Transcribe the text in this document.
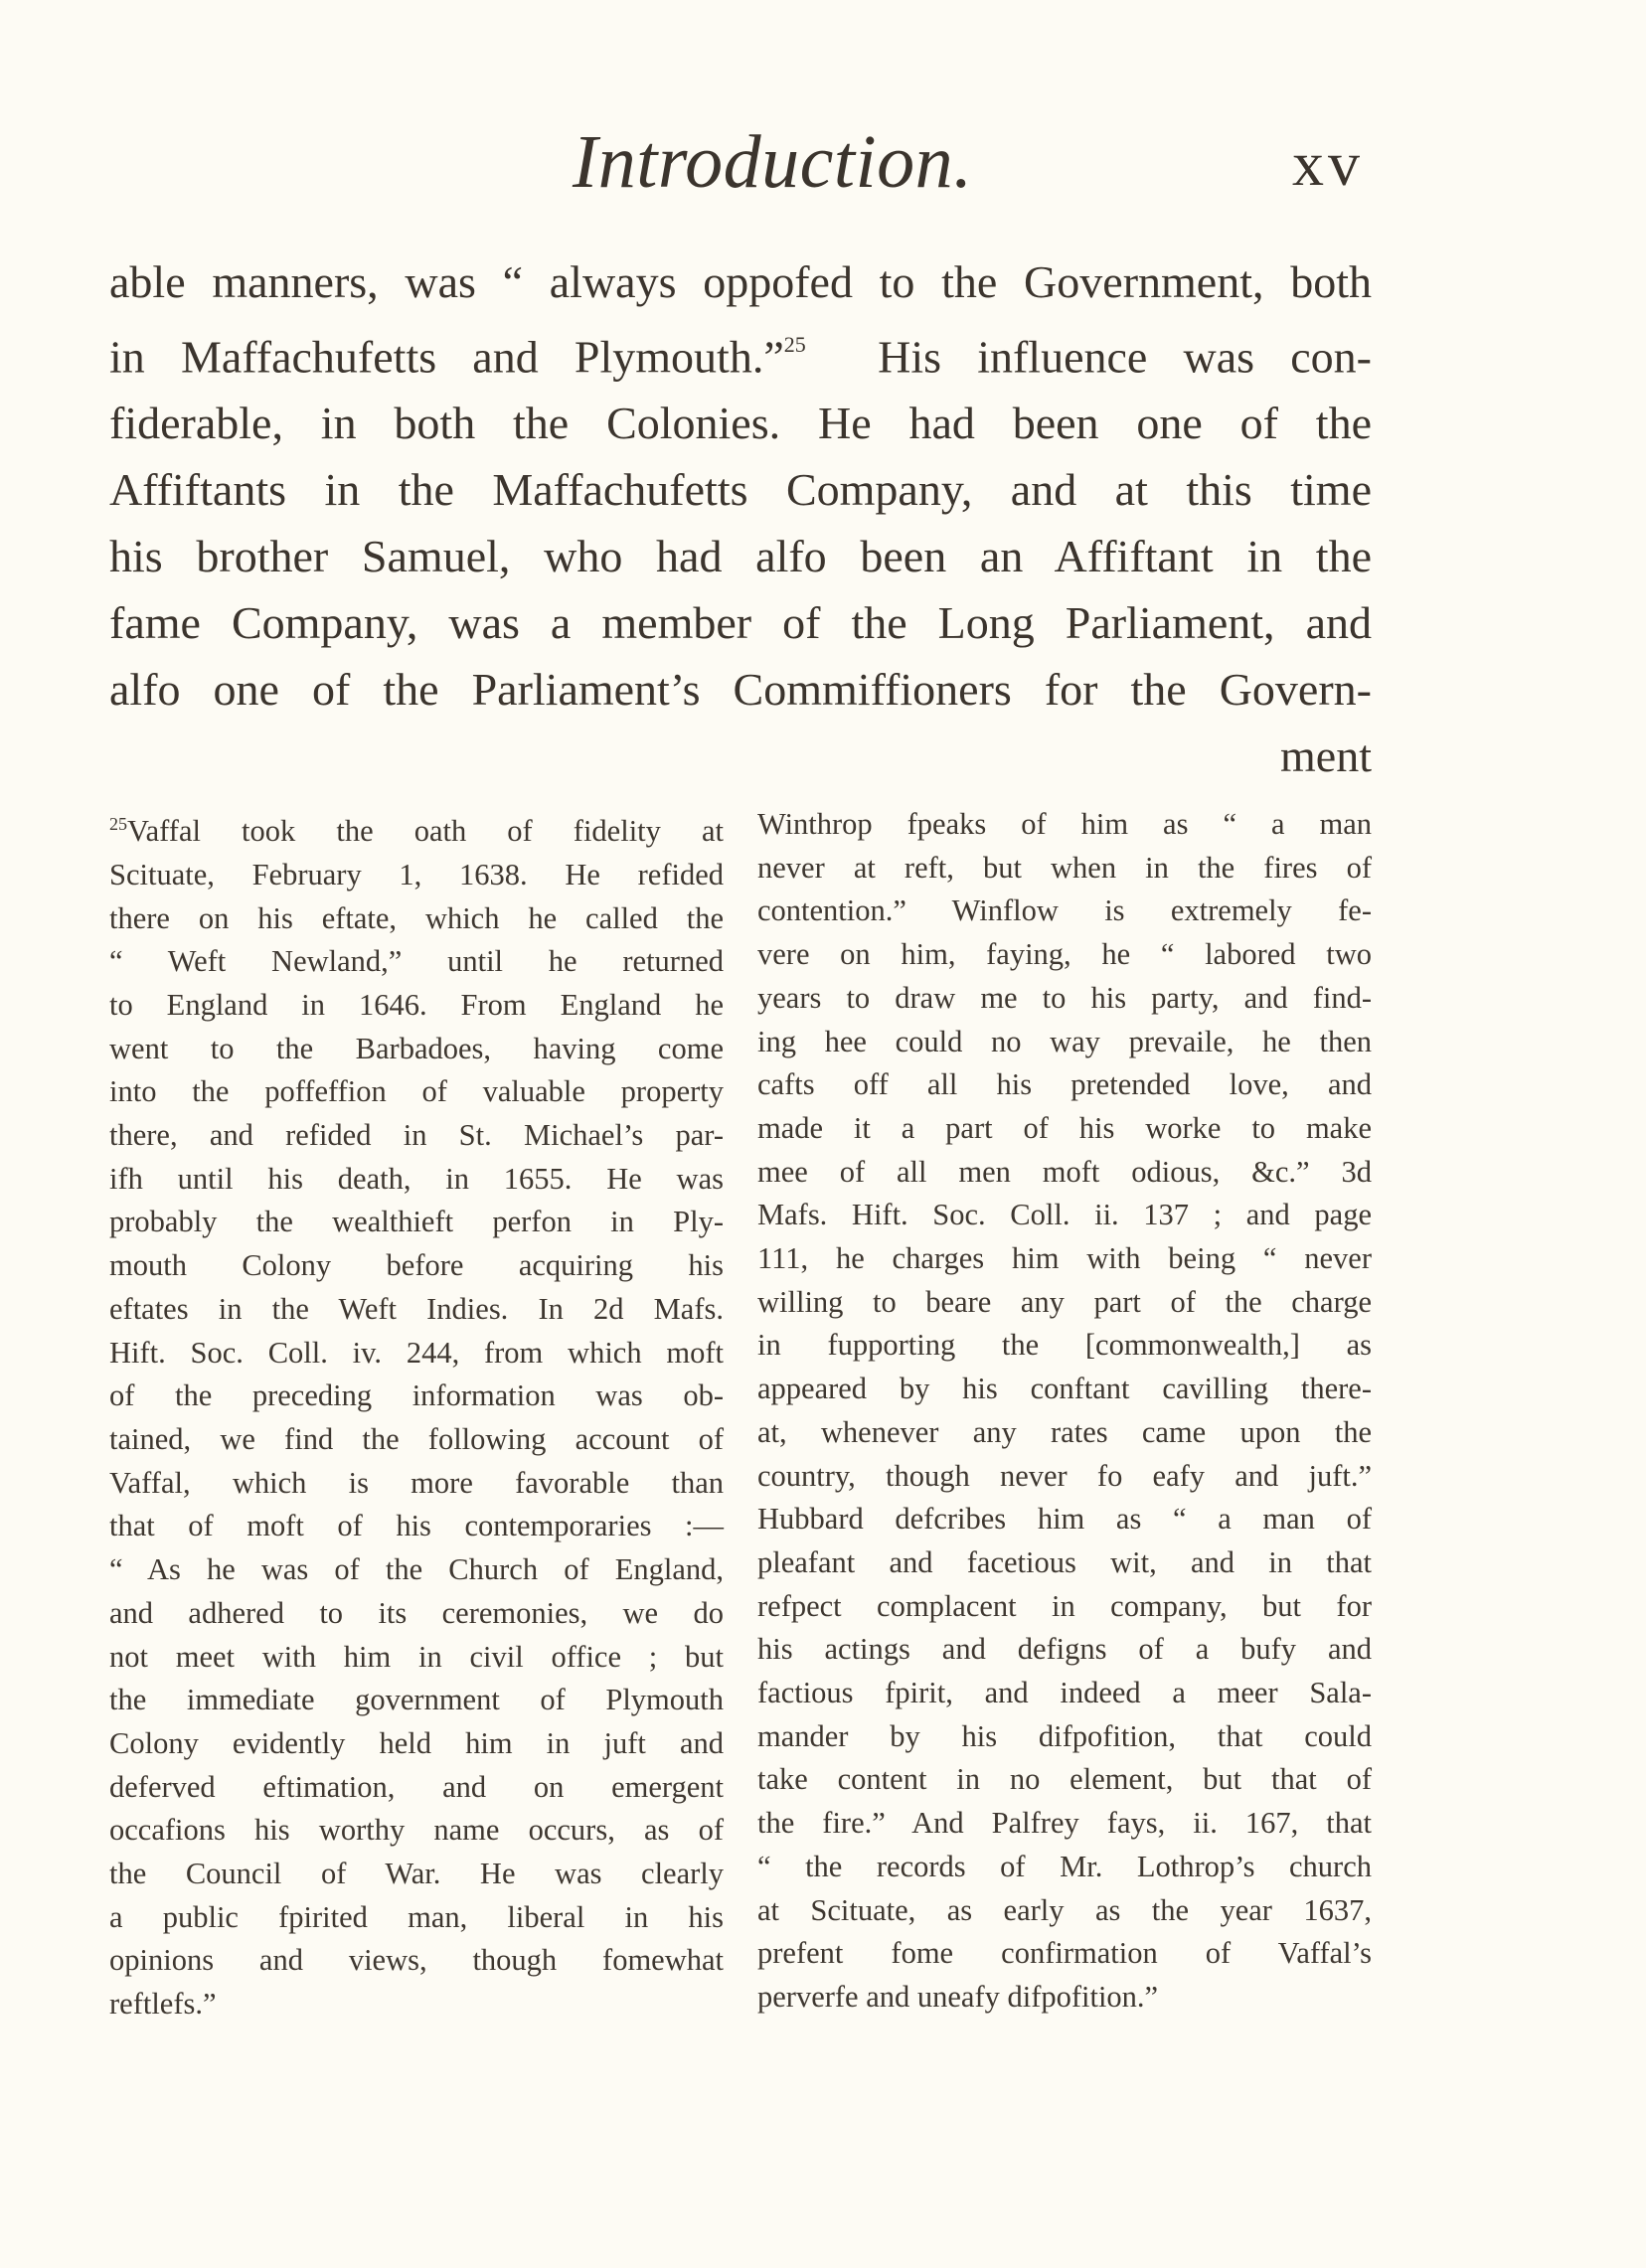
Introduction.	xv
able manners, was “ always oppofed to the Government, both
in Maffachufetts and Plymouth.”$^{25}$ His influence was con-
fiderable, in both the Colonies. He had been one of the
Affiftants in the Maffachufetts Company, and at this time
his brother Samuel, who had alfo been an Affiftant in the
fame Company, was a member of the Long Parliament, and
alfo one of the Parliament’s Commiffioners for the Govern-
ment
$^{25}$Vaffal took the oath of fidelity at
Scituate, February 1, 1638. He refided
there on his eftate, which he called the
“ Weft Newland,” until he returned
to England in 1646. From England he
went to the Barbadoes, having come
into the poffeffion of valuable property
there, and refided in St. Michael’s par-
ifh until his death, in 1655. He was
probably the wealthieft perfon in Ply-
mouth Colony before acquiring his
eftates in the Weft Indies. In 2d Mafs.
Hift. Soc. Coll. iv. 244, from which moft
of the preceding information was ob-
tained, we find the following account of
Vaffal, which is more favorable than
that of moft of his contemporaries :—
“ As he was of the Church of England,
and adhered to its ceremonies, we do
not meet with him in civil office ; but
the immediate government of Plymouth
Colony evidently held him in juft and
deferved eftimation, and on emergent
occafions his worthy name occurs, as of
the Council of War. He was clearly
a public fpirited man, liberal in his
opinions and views, though fomewhat
reftlefs.”
Winthrop fpeaks of him as “ a man
never at reft, but when in the fires of
contention.” Winflow is extremely fe-
vere on him, faying, he “ labored two
years to draw me to his party, and find-
ing hee could no way prevaile, he then
cafts off all his pretended love, and
made it a part of his worke to make
mee of all men moft odious, &c.” 3d
Mafs. Hift. Soc. Coll. ii. 137 ; and page
111, he charges him with being “ never
willing to beare any part of the charge
in fupporting the [commonwealth,] as
appeared by his conftant cavilling there-
at, whenever any rates came upon the
country, though never fo eafy and juft.”
Hubbard defcribes him as “ a man of
pleafant and facetious wit, and in that
refpect complacent in company, but for
his actings and defigns of a bufy and
factious fpirit, and indeed a meer Sala-
mander by his difpofition, that could
take content in no element, but that of
the fire.” And Palfrey fays, ii. 167, that
“ the records of Mr. Lothrop’s church
at Scituate, as early as the year 1637,
prefent fome confirmation of Vaffal’s
perverfe and uneafy difpofition.”
